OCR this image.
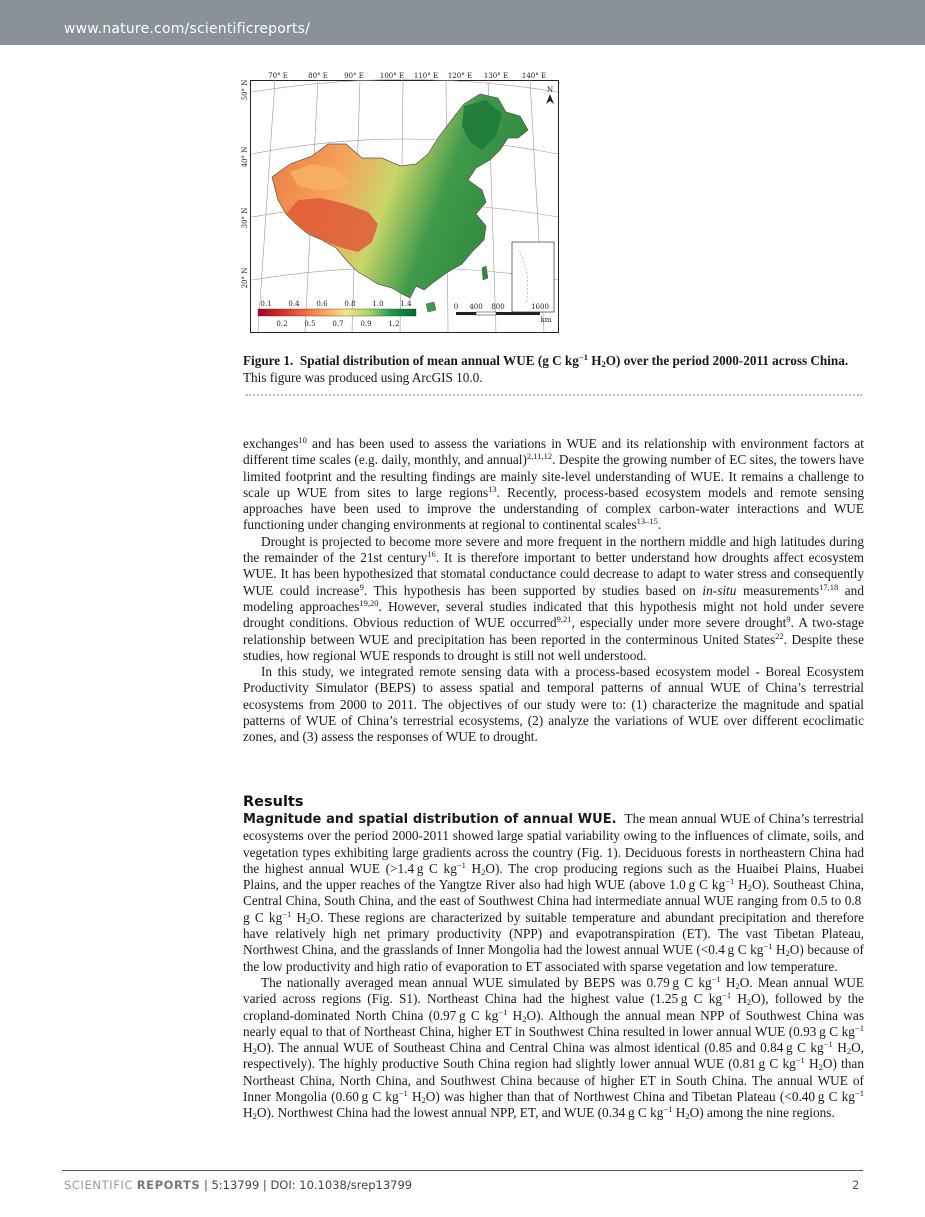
www.nature.com/scientificreports/
N
70° E	80° E 90° E 100° E 110° E 120° E 130° E 140° E
50° N
40° N
30° N
20° N
0.1 0.4 0.6 0.8 1.0 1.4
0.2 0.5 0.7 0.9 1.2
0 400 800	1600
km
Figure 1. Spatial distribution of mean annual WUE (g C $kg^{-1}$ $H_2O$) over the period 2000-2011 across China. This figure was produced using ArcGIS 10.0.

exchanges$^{10}$ and has been used to assess the variations in WUE and its relationship with environment factors at different time scales (e.g. daily, monthly, and annual)$^{2,11,12}$. Despite the growing number of EC sites, the towers have limited footprint and the resulting findings are mainly site-level understanding of WUE. It remains a challenge to scale up WUE from sites to large regions$^{13}$. Recently, process-based ecosystem models and remote sensing approaches have been used to improve the understanding of complex carbon-water interactions and WUE functioning under changing environments at regional to continental scales$^{13-15}$.

Drought is projected to become more severe and more frequent in the northern middle and high latitudes during the remainder of the 21st century$^{16}$. It is therefore important to better understand how droughts affect ecosystem WUE. It has been hypothesized that stomatal conductance could decrease to adapt to water stress and consequently WUE could increase$^9$. This hypothesis has been supported by studies based on in-situ measurements$^{17,18}$ and modeling approaches$^{19,20}$. However, several studies indicated that this hypothesis might not hold under severe drought conditions. Obvious reduction of WUE occurred$^{9,21}$, especially under more severe drought$^9$. A two-stage relationship between WUE and precipitation has been reported in the conterminous United States$^{22}$. Despite these studies, how regional WUE responds to drought is still not well understood.

In this study, we integrated remote sensing data with a process-based ecosystem model - Boreal Ecosystem Productivity Simulator (BEPS) to assess spatial and temporal patterns of annual WUE of China’s terrestrial ecosystems from 2000 to 2011. The objectives of our study were to: (1) characterize the magnitude and spatial patterns of WUE of China’s terrestrial ecosystems, (2) analyze the variations of WUE over different ecoclimatic zones, and (3) assess the responses of WUE to drought.

Results

Magnitude and spatial distribution of annual WUE. The mean annual WUE of China’s terrestrial ecosystems over the period 2000-2011 showed large spatial variability owing to the influences of climate, soils, and vegetation types exhibiting large gradients across the country (Fig. 1). Deciduous forests in northeastern China had the highest annual WUE (>1.4 g C $kg^{-1}$ $H_2O$). The crop producing regions such as the Huaibei Plains, Huabei Plains, and the upper reaches of the Yangtze River also had high WUE (above 1.0 g C $kg^{-1}$ $H_2O$). Southeast China, Central China, South China, and the east of Southwest China had intermediate annual WUE ranging from 0.5 to 0.8 g C $kg^{-1}$ $H_2O$. These regions are characterized by suitable temperature and abundant precipitation and therefore have relatively high net primary productivity (NPP) and evapotranspiration (ET). The vast Tibetan Plateau, Northwest China, and the grasslands of Inner Mongolia had the lowest annual WUE (<0.4 g C $kg^{-1}$ $H_2O$) because of the low productivity and high ratio of evaporation to ET associated with sparse vegetation and low temperature.

The nationally averaged mean annual WUE simulated by BEPS was 0.79 g C $kg^{-1}$ $H_2O$. Mean annual WUE varied across regions (Fig. S1). Northeast China had the highest value (1.25 g C $kg^{-1}$ $H_2O$), followed by the cropland-dominated North China (0.97 g C $kg^{-1}$ $H_2O$). Although the annual mean NPP of Southwest China was nearly equal to that of Northeast China, higher ET in Southwest China resulted in lower annual WUE (0.93 g C $kg^{-1}$ $H_2O$). The annual WUE of Southeast China and Central China was almost identical (0.85 and 0.84 g C $kg^{-1}$ $H_2O$, respectively). The highly productive South China region had slightly lower annual WUE (0.81 g C $kg^{-1}$ $H_2O$) than Northeast China, North China, and Southwest China because of higher ET in South China. The annual WUE of Inner Mongolia (0.60 g C $kg^{-1}$ $H_2O$) was higher than that of Northwest China and Tibetan Plateau (<0.40 g C $kg^{-1}$ $H_2O$). Northwest China had the lowest annual NPP, ET, and WUE (0.34 g C $kg^{-1}$ $H_2O$) among the nine regions.

SCIENTIFIC REPORTS | 5:13799 | DOI: 10.1038/srep13799	2
